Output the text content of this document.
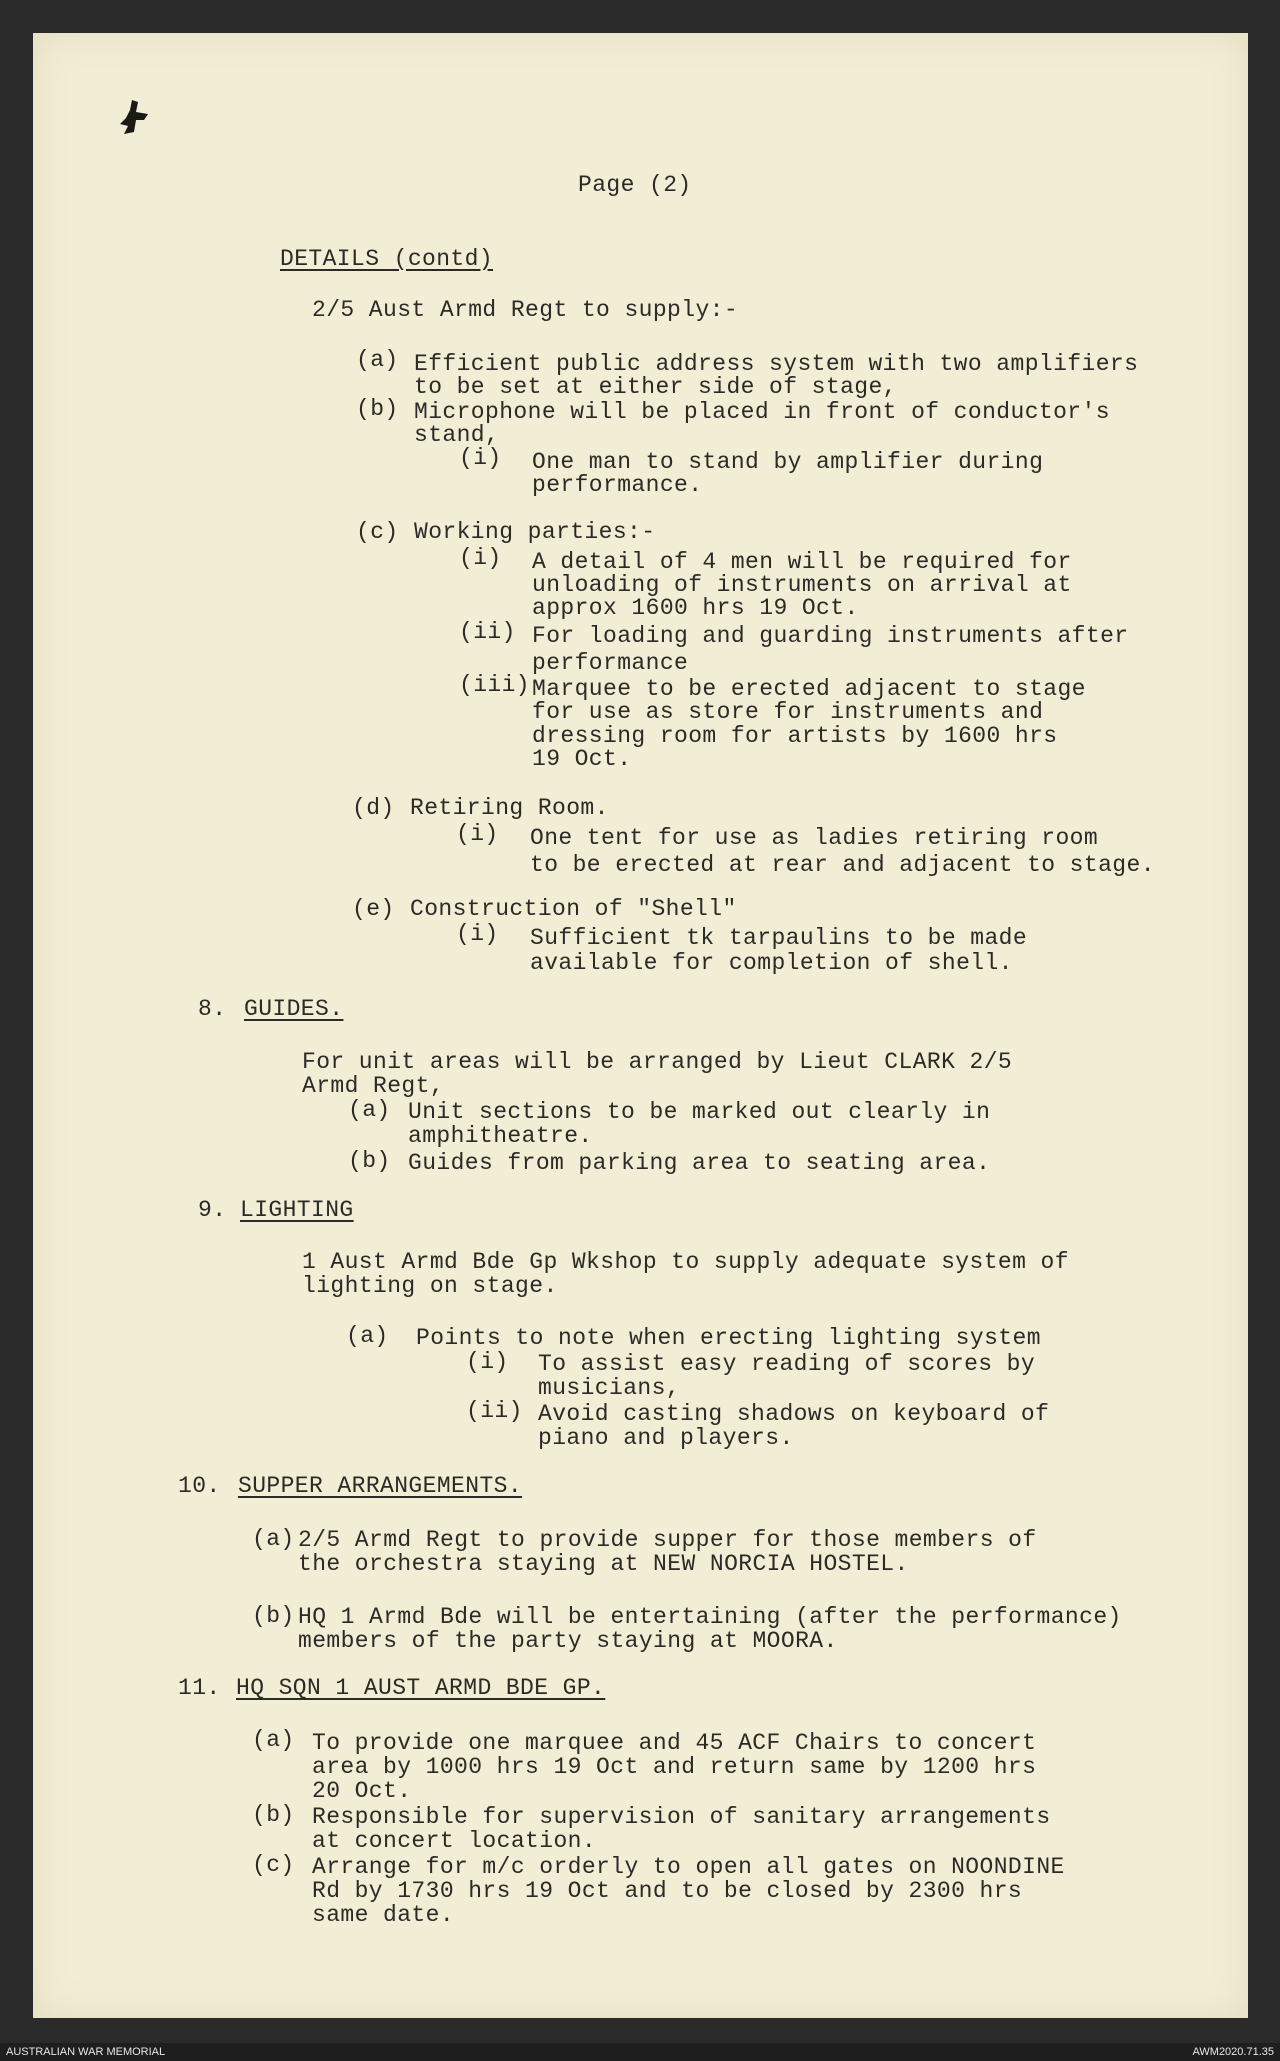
Page (2)
DETAILS (contd)
2/5 Aust Armd Regt to supply:-
(a) Efficient public address system with two amplifiers
to be set at either side of stage,
(b) Microphone will be placed in front of conductor's
stand,
(i) One man to stand by amplifier during
performance.
(c) Working parties:-
(i) A detail of 4 men will be required for
unloading of instruments on arrival at
approx 1600 hrs 19 Oct.
(ii) For loading and guarding instruments after
performance
(iii) Marquee to be erected adjacent to stage
for use as store for instruments and
dressing room for artists by 1600 hrs
19 Oct.
(d) Retiring Room.
(i) One tent for use as ladies retiring room
to be erected at rear and adjacent to stage.
(e) Construction of "Shell"
(i) Sufficient tk tarpaulins to be made
available for completion of shell.
8. GUIDES.
For unit areas will be arranged by Lieut CLARK 2/5
Armd Regt,
(a) Unit sections to be marked out clearly in
amphitheatre.
(b) Guides from parking area to seating area.
9. LIGHTING
1 Aust Armd Bde Gp Wkshop to supply adequate system of
lighting on stage.
(a) Points to note when erecting lighting system
(i) To assist easy reading of scores by
musicians,
(ii) Avoid casting shadows on keyboard of
piano and players.
10. SUPPER ARRANGEMENTS.
(a) 2/5 Armd Regt to provide supper for those members of
the orchestra staying at NEW NORCIA HOSTEL.
(b) HQ 1 Armd Bde will be entertaining (after the performance)
members of the party staying at MOORA.
11. HQ SQN 1 AUST ARMD BDE GP.
(a) To provide one marquee and 45 ACF Chairs to concert
area by 1000 hrs 19 Oct and return same by 1200 hrs
20 Oct.
(b) Responsible for supervision of sanitary arrangements
at concert location.
(c) Arrange for m/c orderly to open all gates on NOONDINE
Rd by 1730 hrs 19 Oct and to be closed by 2300 hrs
same date.
AUSTRALIAN WAR MEMORIAL	AWM2020.71.35
